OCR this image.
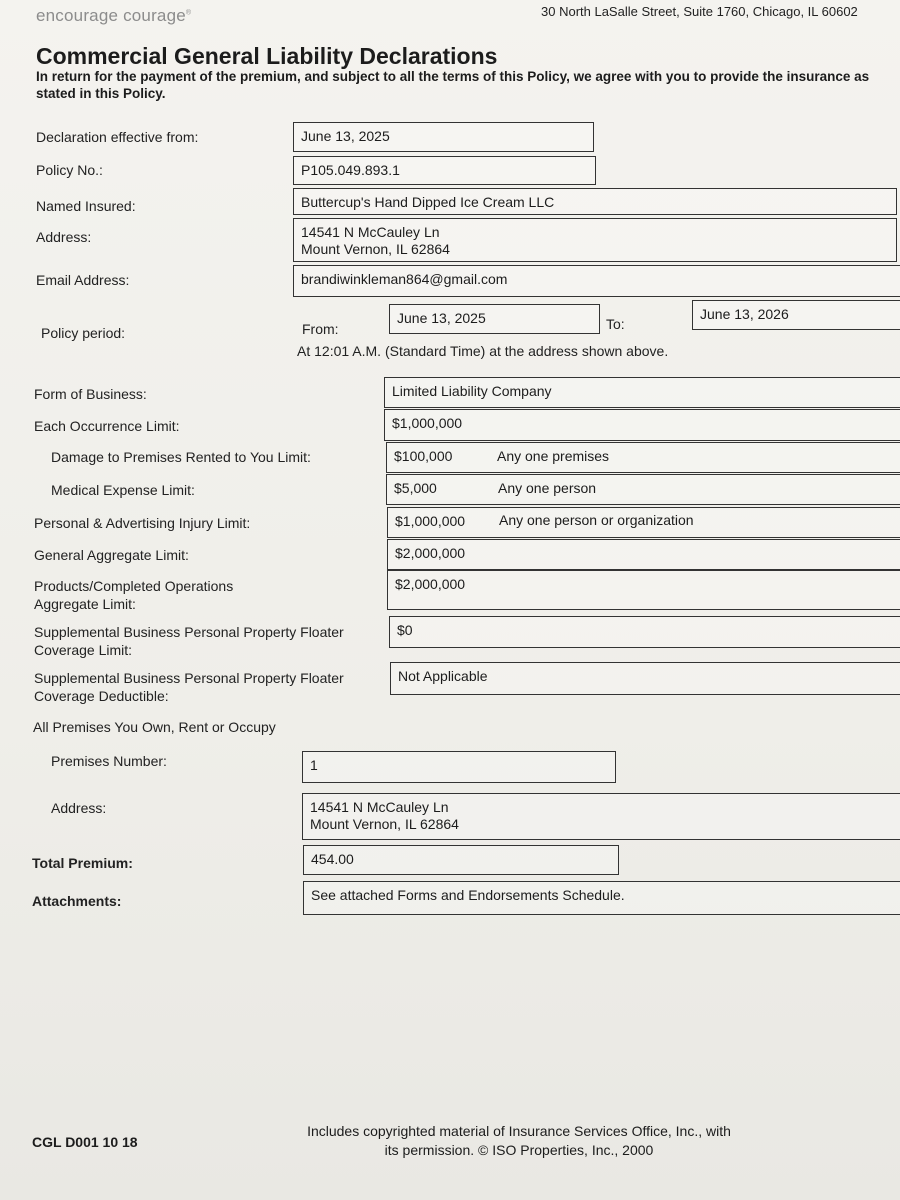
encourage courage®	30 North LaSalle Street, Suite 1760, Chicago, IL 60602
Commercial General Liability Declarations
In return for the payment of the premium, and subject to all the terms of this Policy, we agree with you to provide the insurance as stated in this Policy.
Declaration effective from:	June 13, 2025
Policy No.:	P105.049.893.1
Named Insured:	Buttercup's Hand Dipped Ice Cream LLC
Address:	14541 N McCauley Ln
Mount Vernon, IL 62864
Email Address:	brandiwinkleman864@gmail.com
Policy period:	From:
June 13, 2025	To:
June 13, 2026
At 12:01 A.M. (Standard Time) at the address shown above.
Form of Business:	Limited Liability Company
Each Occurrence Limit:	$1,000,000
Damage to Premises Rented to You Limit:	$100,000	Any one premises
Medical Expense Limit:	$5,000	Any one person
Personal & Advertising Injury Limit:	$1,000,000 Any one person or organization
General Aggregate Limit:	$2,000,000
Products/Completed Operations
Aggregate Limit:
$2,000,000
Supplemental Business Personal Property Floater
Coverage Limit:
$0
Supplemental Business Personal Property Floater
Coverage Deductible:
Not Applicable
All Premises You Own, Rent or Occupy
Premises Number:	1
Address:	14541 N McCauley Ln
Mount Vernon, IL 62864
Total Premium:	454.00
Attachments:	See attached Forms and Endorsements Schedule.
CGL D001 10 18
Includes copyrighted material of Insurance Services Office, Inc., with
its permission. © ISO Properties, Inc., 2000
